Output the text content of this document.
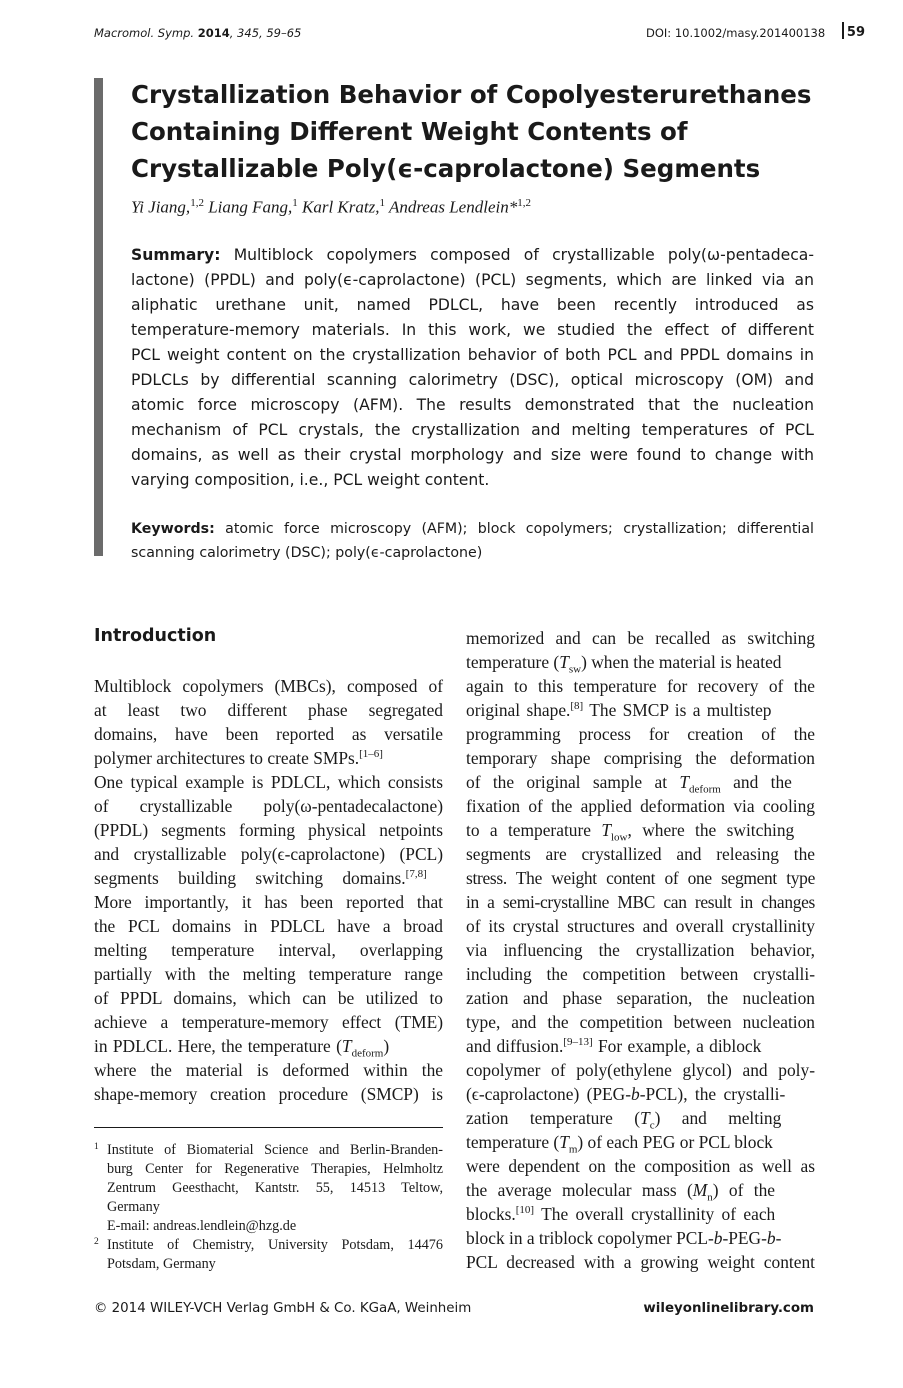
Macromol. Symp. 2014, 345, 59–65	DOI: 10.1002/masy.201400138	59
Crystallization Behavior of Copolyesterurethanes
Containing Different Weight Contents of
Crystallizable Poly(ϵ-caprolactone) Segments
Yi Jiang,$^{1,2}$ Liang Fang,$^1$ Karl Kratz,$^1$ Andreas Lendlein*$^{1,2}$
Summary: Multiblock copolymers composed of crystallizable poly(ω-pentadeca-
lactone) (PPDL) and poly(ϵ-caprolactone) (PCL) segments, which are linked via an
aliphatic urethane unit, named PDLCL, have been recently introduced as
temperature-memory materials. In this work, we studied the effect of different
PCL weight content on the crystallization behavior of both PCL and PPDL domains in
PDLCLs by differential scanning calorimetry (DSC), optical microscopy (OM) and
atomic force microscopy (AFM). The results demonstrated that the nucleation
mechanism of PCL crystals, the crystallization and melting temperatures of PCL
domains, as well as their crystal morphology and size were found to change with
varying composition, i.e., PCL weight content.
Keywords: atomic force microscopy (AFM); block copolymers; crystallization; differential
scanning calorimetry (DSC); poly(ϵ-caprolactone)
Introduction
Multiblock copolymers (MBCs), composed of
at least two different phase segregated
domains, have been reported as versatile
polymer architectures to create SMPs.[1–6]
One typical example is PDLCL, which consists
of crystallizable poly(ω-pentadecalactone)
(PPDL) segments forming physical netpoints
and crystallizable poly(ϵ-caprolactone) (PCL)
segments building switching domains.[7,8]
More importantly, it has been reported that
the PCL domains in PDLCL have a broad
melting temperature interval, overlapping
partially with the melting temperature range
of PPDL domains, which can be utilized to
achieve a temperature-memory effect (TME)
in PDLCL. Here, the temperature $(T_{deform})$
where the material is deformed within the
shape-memory creation procedure (SMCP) is
1 Institute of Biomaterial Science and Berlin-Branden-
burg Center for Regenerative Therapies, Helmholtz
Zentrum Geesthacht, Kantstr. 55, 14513 Teltow,
Germany
E-mail: andreas.lendlein@hzg.de
2 Institute of Chemistry, University Potsdam, 14476
Potsdam, Germany
memorized and can be recalled as switching
temperature $(T_{sw})$ when the material is heated
again to this temperature for recovery of the
original shape.[8] The SMCP is a multistep
programming process for creation of the
temporary shape comprising the deformation
of the original sample at $T_{deform}$ and the
fixation of the applied deformation via cooling
to a temperature $T_{low}$, where the switching
segments are crystallized and releasing the
stress. The weight content of one segment type
in a semi-crystalline MBC can result in changes
of its crystal structures and overall crystallinity
via influencing the crystallization behavior,
including the competition between crystalli-
zation and phase separation, the nucleation
type, and the competition between nucleation
and diffusion.[9–13] For example, a diblock
copolymer of poly(ethylene glycol) and poly-
(ϵ-caprolactone) (PEG-b-PCL), the crystalli-
zation temperature $(T_c)$ and melting
temperature $(T_m)$ of each PEG or PCL block
were dependent on the composition as well as
the average molecular mass $(M_n)$ of the
blocks.[10] The overall crystallinity of each
block in a triblock copolymer PCL-b-PEG-b-
PCL decreased with a growing weight content
© 2014 WILEY-VCH Verlag GmbH & Co. KGaA, Weinheim	wileyonlinelibrary.com
